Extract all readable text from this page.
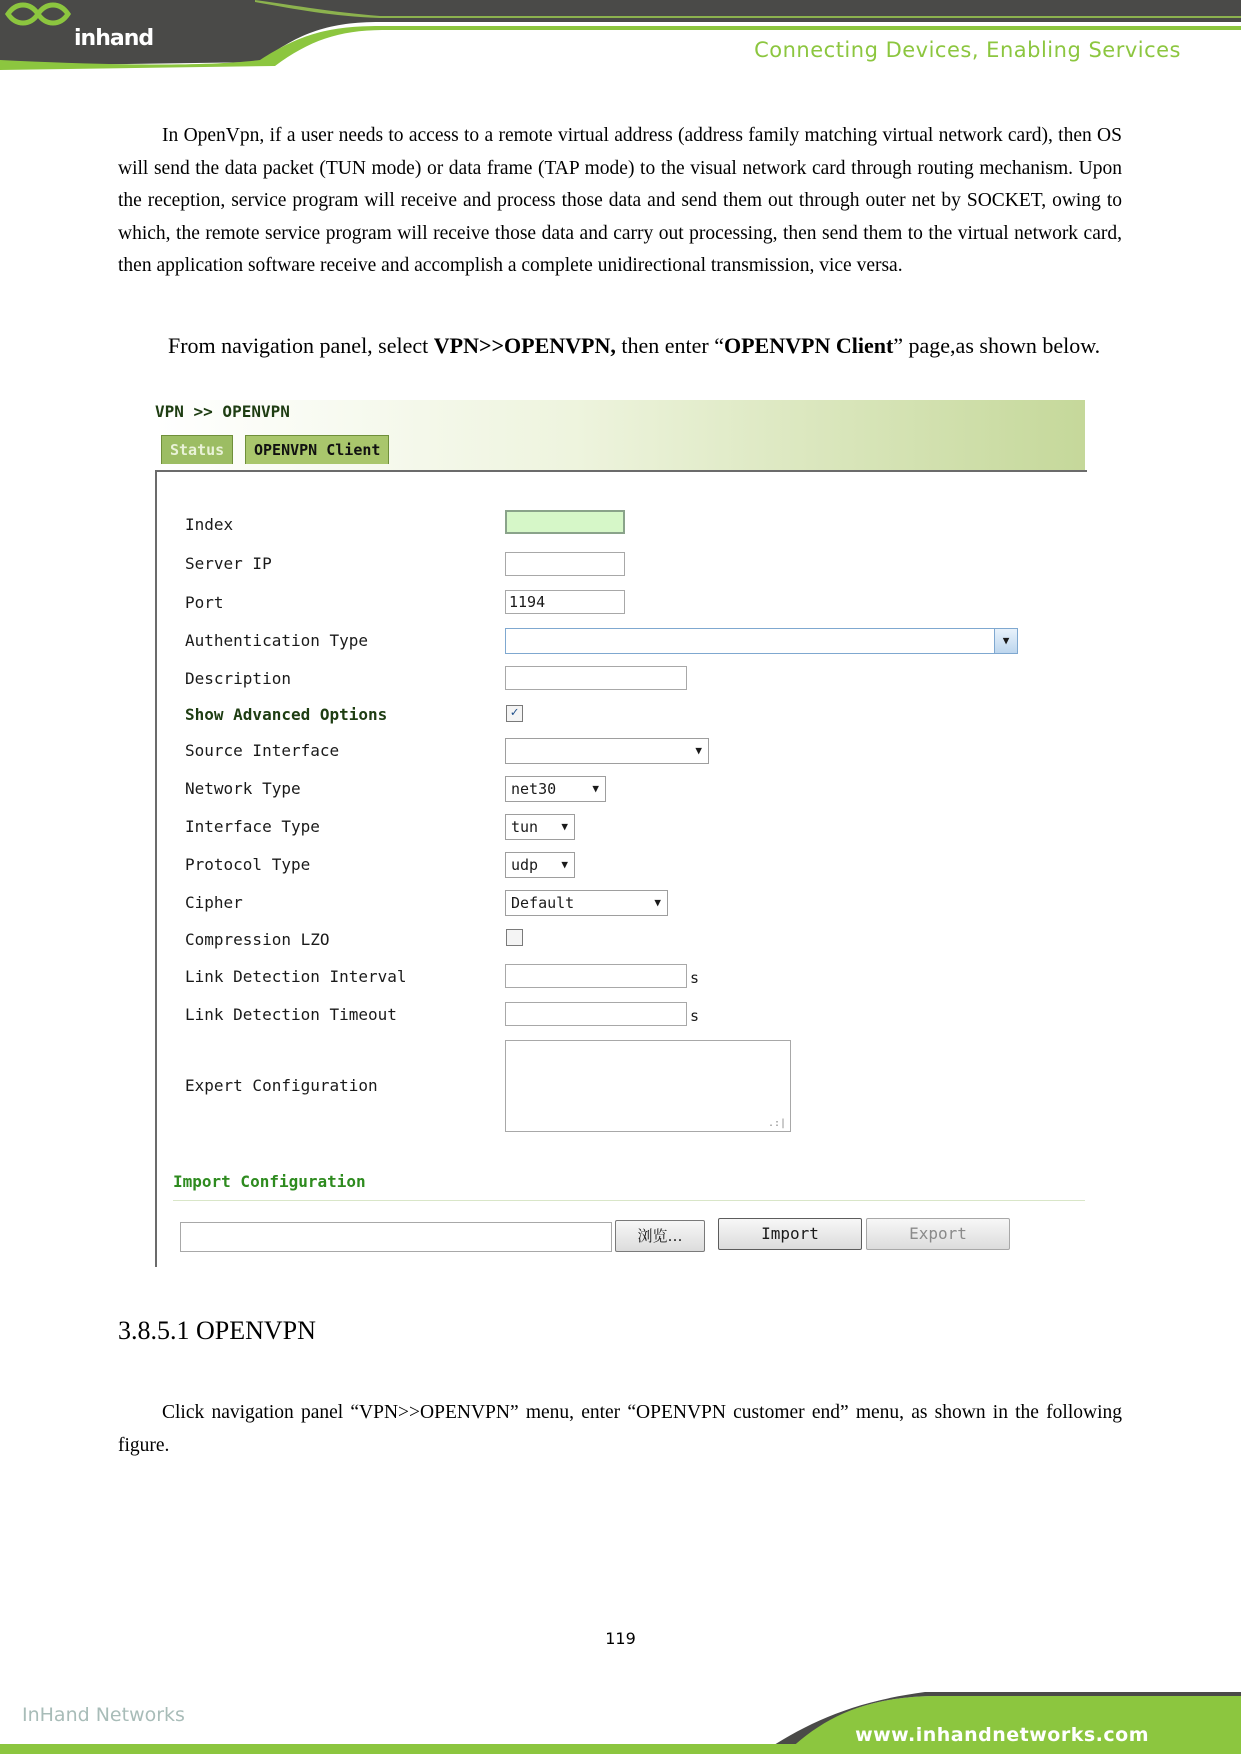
inhand	Connecting Devices, Enabling Services
In OpenVpn, if a user needs to access to a remote virtual address (address family matching virtual network card), then OS will send the data packet (TUN mode) or data frame (TAP mode) to the visual network card through routing mechanism. Upon the reception, service program will receive and process those data and send them out through outer net by SOCKET, owing to which, the remote service program will receive those data and carry out processing, then send them to the virtual network card, then application software receive and accomplish a complete unidirectional transmission, vice versa.
From navigation panel, select VPN>>OPENVPN, then enter “OPENVPN Client” page,as shown below.
VPN >> OPENVPN
Status	OPENVPN Client
Index
Server IP
Port	1194
Authentication Type	▼
Description
Show Advanced Options	✓
Source Interface	▼
Network Type	net30	▼
Interface Type	tun ▼
Protocol Type	udp ▼
Cipher	Default	▼
Compression LZO
Link Detection Interval	s
Link Detection Timeout	s
Expert Configuration
.:|
Import Configuration
浏览…	Import	Export
3.8.5.1 OPENVPN
Click navigation panel “VPN>>OPENVPN” menu, enter “OPENVPN customer end” menu, as shown in the following figure.
119
InHand Networks
www.inhandnetworks.com
